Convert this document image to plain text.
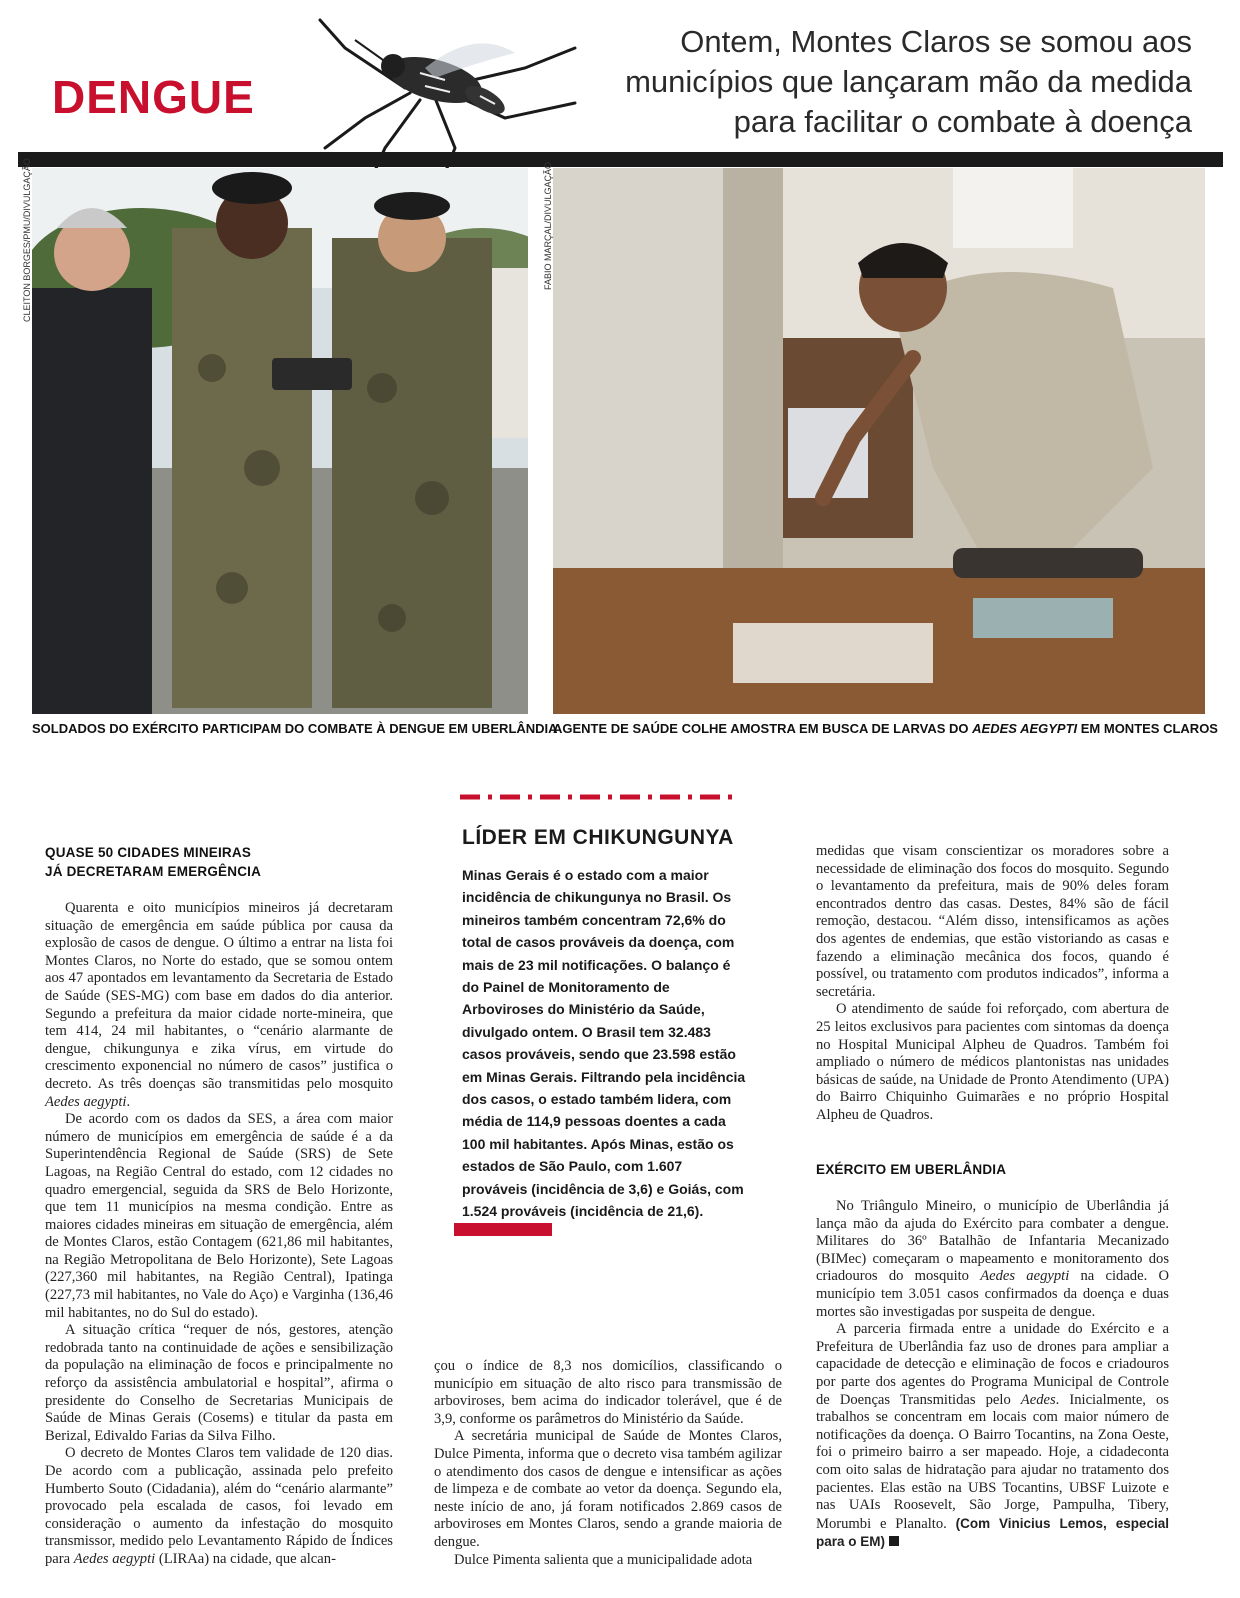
DENGUE
Ontem, Montes Claros se somou aos municípios que lançaram mão da medida para facilitar o combate à doença
CLEITON BORGES/PMU/DIVULGAÇÃO
SOLDADOS DO EXÉRCITO PARTICIPAM DO COMBATE À DENGUE EM UBERLÂNDIA
FABIO MARÇAL/DIVULGAÇÃO
AGENTE DE SAÚDE COLHE AMOSTRA EM BUSCA DE LARVAS DO AEDES AEGYPTI EM MONTES CLAROS
QUASE 50 CIDADES MINEIRAS
JÁ DECRETARAM EMERGÊNCIA

Quarenta e oito municípios mineiros já decretaram situação de emergência em saúde pública por causa da explosão de casos de dengue. O último a entrar na lista foi Montes Claros, no Norte do estado, que se somou ontem aos 47 apontados em levantamento da Secretaria de Estado de Saúde (SES-MG) com base em dados do dia anterior. Segundo a prefeitura da maior cidade norte-mineira, que tem 414, 24 mil habitantes, o “cenário alarmante de dengue, chikungunya e zika vírus, em virtude do crescimento exponencial no número de casos” justifica o decreto. As três doenças são transmitidas pelo mosquito Aedes aegypti.

De acordo com os dados da SES, a área com maior número de municípios em emergência de saúde é a da Superintendência Regional de Saúde (SRS) de Sete Lagoas, na Região Central do estado, com 12 cidades no quadro emergencial, seguida da SRS de Belo Horizonte, que tem 11 municípios na mesma condição. Entre as maiores cidades mineiras em situação de emergência, além de Montes Claros, estão Contagem (621,86 mil habitantes, na Região Metropolitana de Belo Horizonte), Sete Lagoas (227,360 mil habitantes, na Região Central), Ipatinga (227,73 mil habitantes, no Vale do Aço) e Varginha (136,46 mil habitantes, no do Sul do estado).

A situação crítica “requer de nós, gestores, atenção redobrada tanto na continuidade de ações e sensibilização da população na eliminação de focos e principalmente no reforço da assistência ambulatorial e hospital”, afirma o presidente do Conselho de Secretarias Municipais de Saúde de Minas Gerais (Cosems) e titular da pasta em Berizal, Edivaldo Farias da Silva Filho.

O decreto de Montes Claros tem validade de 120 dias. De acordo com a publicação, assinada pelo prefeito Humberto Souto (Cidadania), além do “cenário alarmante” provocado pela escalada de casos, foi levado em consideração o aumento da infestação do mosquito transmissor, medido pelo Levantamento Rápido de Índices para Aedes aegypti (LIRAa) na cidade, que alcan-

LÍDER EM CHIKUNGUNYA
Minas Gerais é o estado com a maior incidência de chikungunya no Brasil. Os mineiros também concentram 72,6% do total de casos prováveis da doença, com mais de 23 mil notificações. O balanço é do Painel de Monitoramento de Arboviroses do Ministério da Saúde, divulgado ontem. O Brasil tem 32.483 casos prováveis, sendo que 23.598 estão em Minas Gerais. Filtrando pela incidência dos casos, o estado também lidera, com média de 114,9 pessoas doentes a cada 100 mil habitantes. Após Minas, estão os estados de São Paulo, com 1.607 prováveis (incidência de 3,6) e Goiás, com 1.524 prováveis (incidência de 21,6).

çou o índice de 8,3 nos domicílios, classificando o município em situação de alto risco para transmissão de arboviroses, bem acima do indicador tolerável, que é de 3,9, conforme os parâmetros do Ministério da Saúde.

A secretária municipal de Saúde de Montes Claros, Dulce Pimenta, informa que o decreto visa também agilizar o atendimento dos casos de dengue e intensificar as ações de limpeza e de combate ao vetor da doença. Segundo ela, neste início de ano, já foram notificados 2.869 casos de arboviroses em Montes Claros, sendo a grande maioria de dengue.

Dulce Pimenta salienta que a municipalidade adota

medidas que visam conscientizar os moradores sobre a necessidade de eliminação dos focos do mosquito. Segundo o levantamento da prefeitura, mais de 90% deles foram encontrados dentro das casas. Destes, 84% são de fácil remoção, destacou. “Além disso, intensificamos as ações dos agentes de endemias, que estão vistoriando as casas e fazendo a eliminação mecânica dos focos, quando é possível, ou tratamento com produtos indicados”, informa a secretária.

O atendimento de saúde foi reforçado, com abertura de 25 leitos exclusivos para pacientes com sintomas da doença no Hospital Municipal Alpheu de Quadros. Também foi ampliado o número de médicos plantonistas nas unidades básicas de saúde, na Unidade de Pronto Atendimento (UPA) do Bairro Chiquinho Guimarães e no próprio Hospital Alpheu de Quadros.

EXÉRCITO EM UBERLÂNDIA

No Triângulo Mineiro, o município de Uberlândia já lança mão da ajuda do Exército para combater a dengue. Militares do 36º Batalhão de Infantaria Mecanizado (BIMec) começaram o mapeamento e monitoramento dos criadouros do mosquito Aedes aegypti na cidade. O município tem 3.051 casos confirmados da doença e duas mortes são investigadas por suspeita de dengue.

A parceria firmada entre a unidade do Exército e a Prefeitura de Uberlândia faz uso de drones para ampliar a capacidade de detecção e eliminação de focos e criadouros por parte dos agentes do Programa Municipal de Controle de Doenças Transmitidas pelo Aedes. Inicialmente, os trabalhos se concentram em locais com maior número de notificações da doença. O Bairro Tocantins, na Zona Oeste, foi o primeiro bairro a ser mapeado. Hoje, a cidadeconta com oito salas de hidratação para ajudar no tratamento dos pacientes. Elas estão na UBS Tocantins, UBSF Luizote e nas UAIs Roosevelt, São Jorge, Pampulha, Tibery, Morumbi e Planalto. (Com Vinicius Lemos, especial para o EM)
